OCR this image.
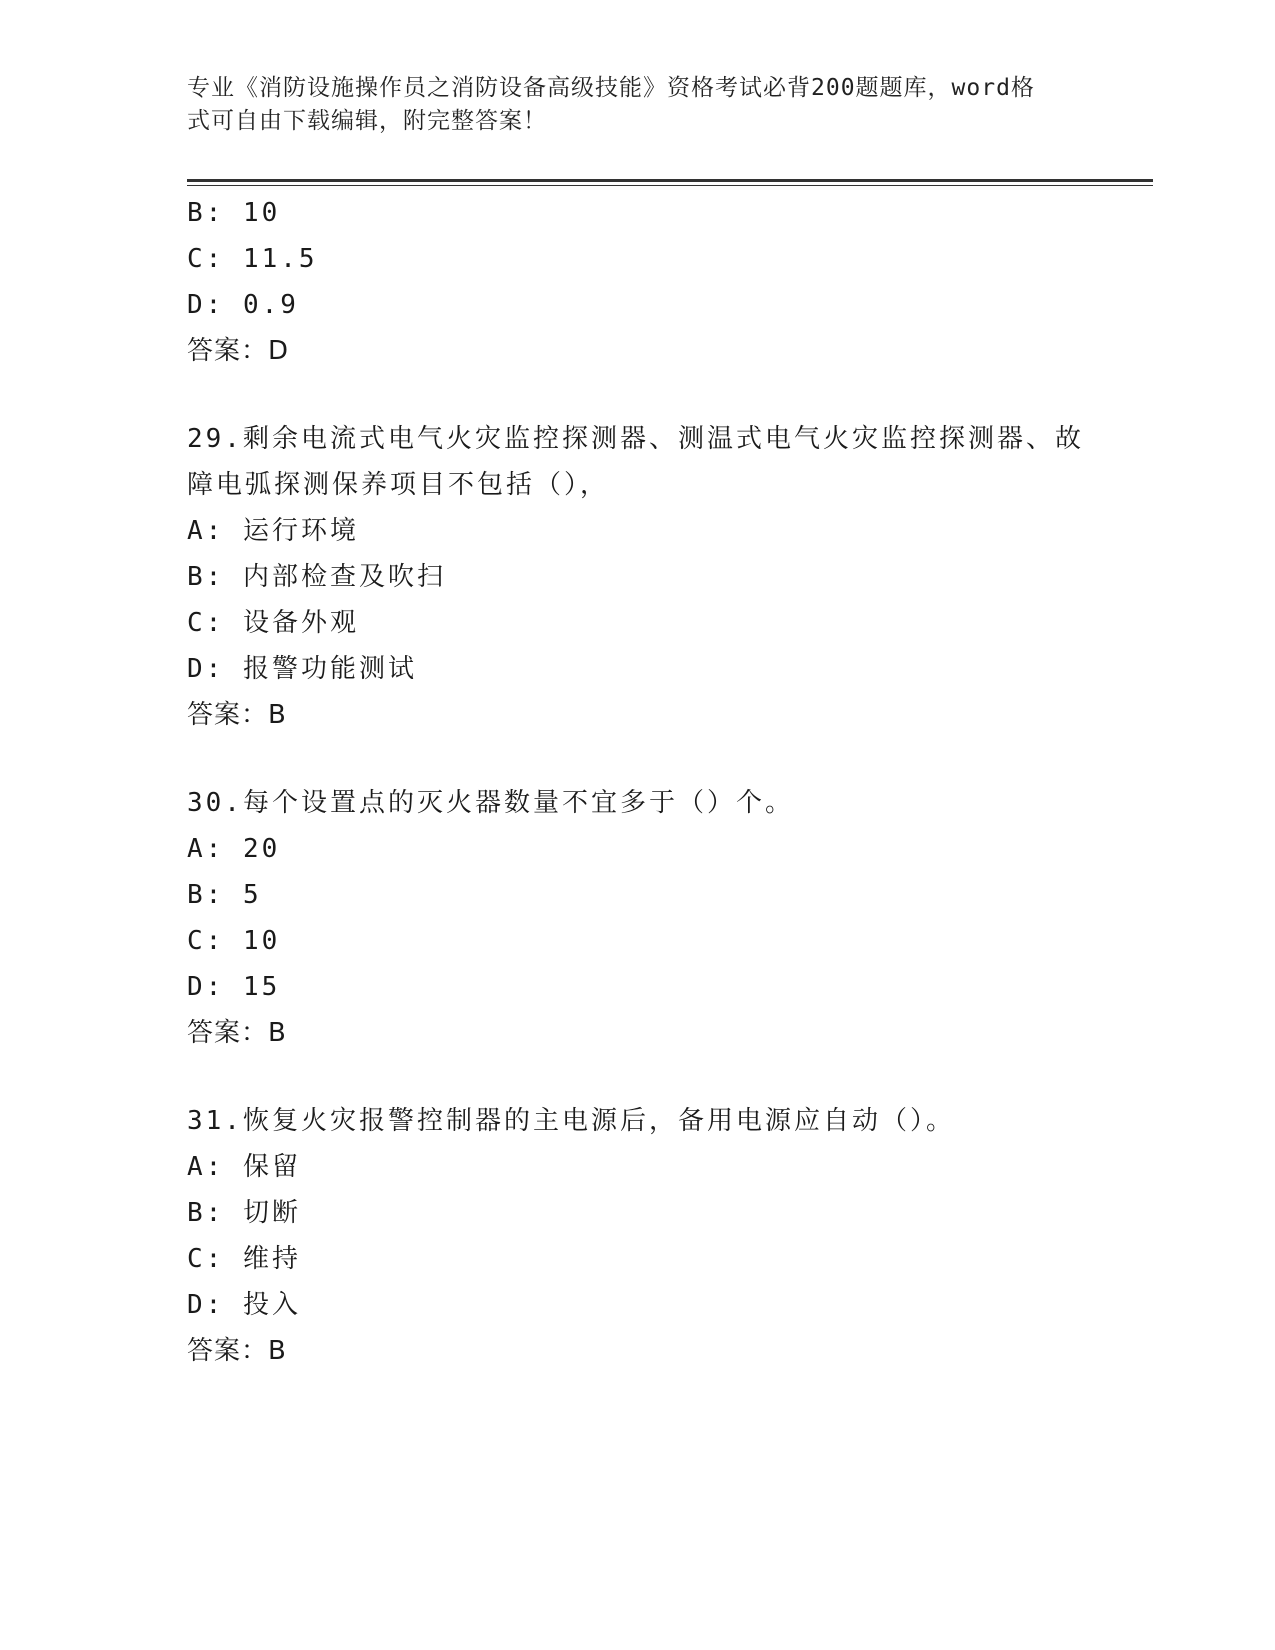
专业《消防设施操作员之消防设备高级技能》资格考试必背200题题库，word格
式可自由下载编辑，附完整答案！
B: 10
C: 11.5
D: 0.9
答案：D
29.剩余电流式电气火灾监控探测器、测温式电气火灾监控探测器、故
障电弧探测保养项目不包括（），
A: 运行环境
B: 内部检查及吹扫
C: 设备外观
D: 报警功能测试
答案：B
30.每个设置点的灭火器数量不宜多于（）个。
A: 20
B: 5
C: 10
D: 15
答案：B
31.恢复火灾报警控制器的主电源后，备用电源应自动（）。
A: 保留
B: 切断
C: 维持
D: 投入
答案：B
